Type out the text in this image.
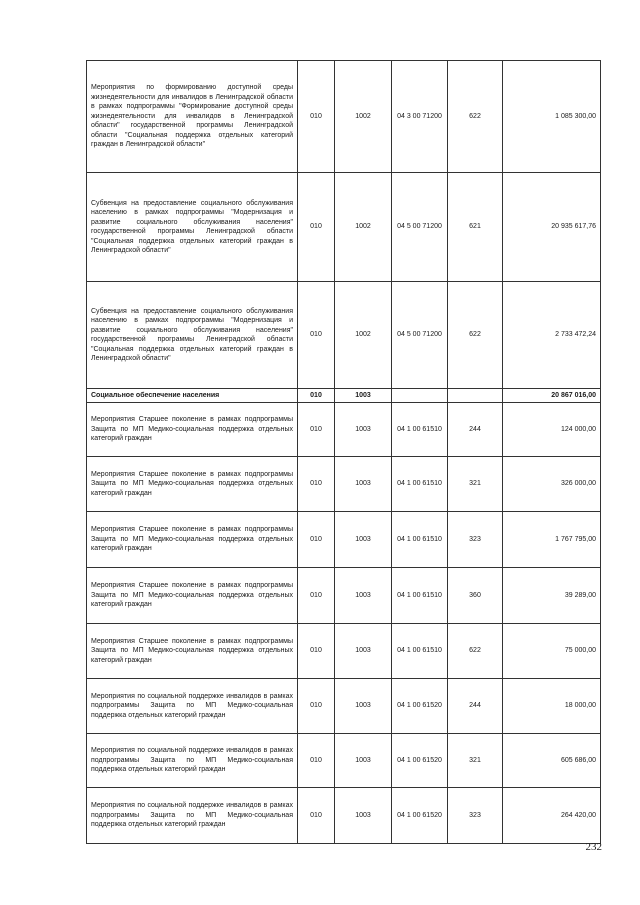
Мероприятия по формированию доступной среды жизнедеятельности для инвалидов в Ленинградской области в рамках подпрограммы "Формирование доступной среды жизнедеятельности для инвалидов в Ленинградской области" государственной программы Ленинградской области "Социальная поддержка отдельных категорий граждан в Ленинградской области"	010	1002	04 3 00 71200	622	1 085 300,00
Субвенция на предоставление социального обслуживания населению в рамках подпрограммы "Модернизация и развитие социального обслуживания населения" государственной программы Ленинградской области "Социальная поддержка отдельных категорий граждан в Ленинградской области"	010	1002	04 5 00 71200	621	20 935 617,76
Субвенция на предоставление социального обслуживания населению в рамках подпрограммы "Модернизация и развитие социального обслуживания населения" государственной программы Ленинградской области "Социальная поддержка отдельных категорий граждан в Ленинградской области"	010	1002	04 5 00 71200	622	2 733 472,24
Социальное обеспечение населения	010	1003			20 867 016,00
Мероприятия Старшее поколение в рамках подпрограммы Защита по МП Медико-социальная поддержка отдельных категорий граждан	010	1003	04 1 00 61510	244	124 000,00
Мероприятия Старшее поколение в рамках подпрограммы Защита по МП Медико-социальная поддержка отдельных категорий граждан	010	1003	04 1 00 61510	321	326 000,00
Мероприятия Старшее поколение в рамках подпрограммы Защита по МП Медико-социальная поддержка отдельных категорий граждан	010	1003	04 1 00 61510	323	1 767 795,00
Мероприятия Старшее поколение в рамках подпрограммы Защита по МП Медико-социальная поддержка отдельных категорий граждан	010	1003	04 1 00 61510	360	39 289,00
Мероприятия Старшее поколение в рамках подпрограммы Защита по МП Медико-социальная поддержка отдельных категорий граждан	010	1003	04 1 00 61510	622	75 000,00
Мероприятия по социальной поддержке инвалидов в рамках подпрограммы Защита по МП Медико-социальная поддержка отдельных категорий граждан	010	1003	04 1 00 61520	244	18 000,00
Мероприятия по социальной поддержке инвалидов в рамках подпрограммы Защита по МП Медико-социальная поддержка отдельных категорий граждан	010	1003	04 1 00 61520	321	605 686,00
Мероприятия по социальной поддержке инвалидов в рамках подпрограммы Защита по МП Медико-социальная поддержка отдельных категорий граждан	010	1003	04 1 00 61520	323	264 420,00
232
